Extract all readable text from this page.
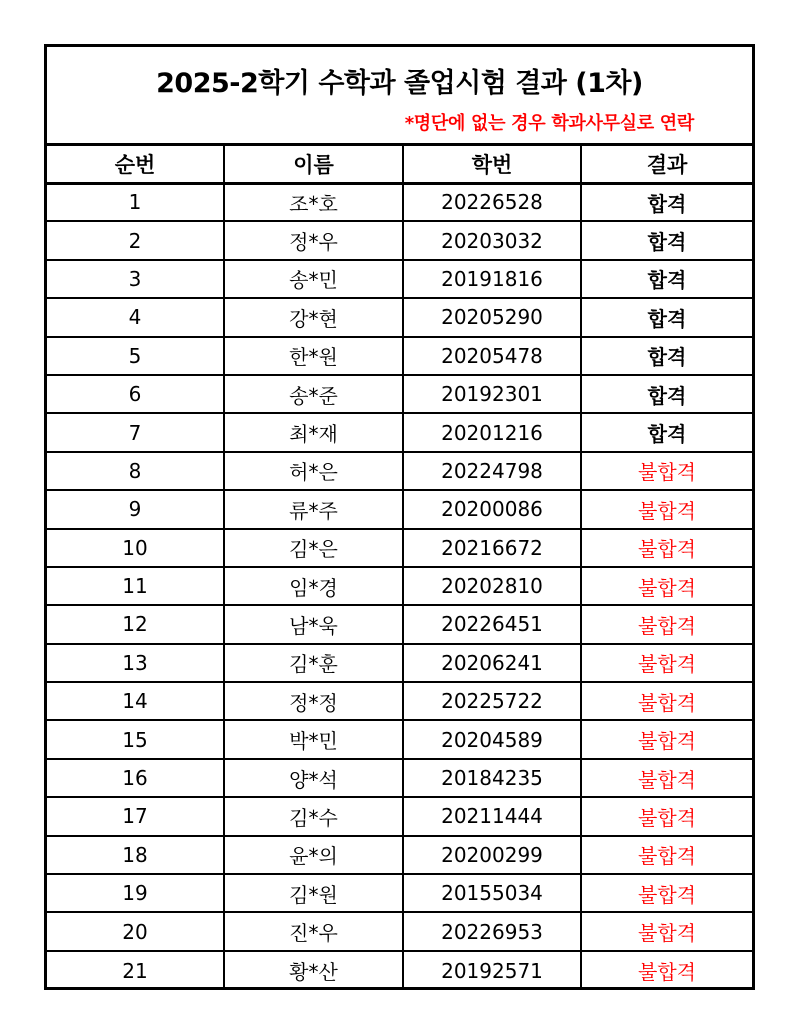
2025-2학기 수학과 졸업시험 결과 (1차)
*명단에 없는 경우 학과사무실로 연락
순번	이름	학번	결과
1	조*호	20226528	합격
2	정*우	20203032	합격
3	송*민	20191816	합격
4	강*현	20205290	합격
5	한*원	20205478	합격
6	송*준	20192301	합격
7	최*재	20201216	합격
8	허*은	20224798	불합격
9	류*주	20200086	불합격
10	김*은	20216672	불합격
11	임*경	20202810	불합격
12	남*욱	20226451	불합격
13	김*훈	20206241	불합격
14	정*정	20225722	불합격
15	박*민	20204589	불합격
16	양*석	20184235	불합격
17	김*수	20211444	불합격
18	윤*의	20200299	불합격
19	김*원	20155034	불합격
20	진*우	20226953	불합격
21	황*산	20192571	불합격
